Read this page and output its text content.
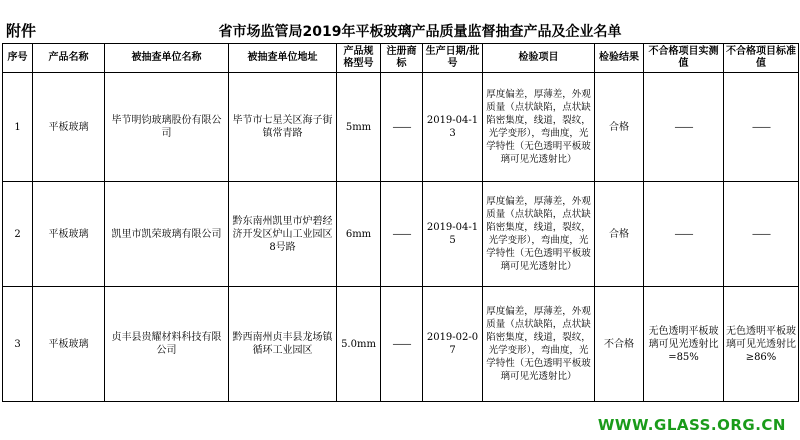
附件	省市场监管局2019年平板玻璃产品质量监督抽查产品及企业名单
序号	产品名称	被抽查单位名称	被抽查单位地址	产品规格型号	注册商标	生产日期/批号	检验项目	检验结果	不合格项目实测值	不合格项目标准值
1	平板玻璃	毕节明钧玻璃股份有限公司	毕节市七星关区海子街镇常青路	5mm	——	2019-04-13	厚度偏差，厚薄差，外观质量（点状缺陷，点状缺陷密集度，线道，裂纹，光学变形），弯曲度，光学特性（无色透明平板玻璃可见光透射比）	合格	——	——
2	平板玻璃	凯里市凯荣玻璃有限公司	黔东南州凯里市炉碧经济开发区炉山工业园区8号路	6mm	——	2019-04-15	厚度偏差，厚薄差，外观质量（点状缺陷，点状缺陷密集度，线道，裂纹，光学变形），弯曲度，光学特性（无色透明平板玻璃可见光透射比）	合格	——	——
3	平板玻璃	贞丰县贵耀材料科技有限公司	黔西南州贞丰县龙场镇循环工业园区	5.0mm	——	2019-02-07	厚度偏差，厚薄差，外观质量（点状缺陷，点状缺陷密集度，线道，裂纹，光学变形），弯曲度，光学特性（无色透明平板玻璃可见光透射比）	不合格	无色透明平板玻璃可见光透射比=85%	无色透明平板玻璃可见光透射比≥86%
WWW.GLASS.ORG.CN
